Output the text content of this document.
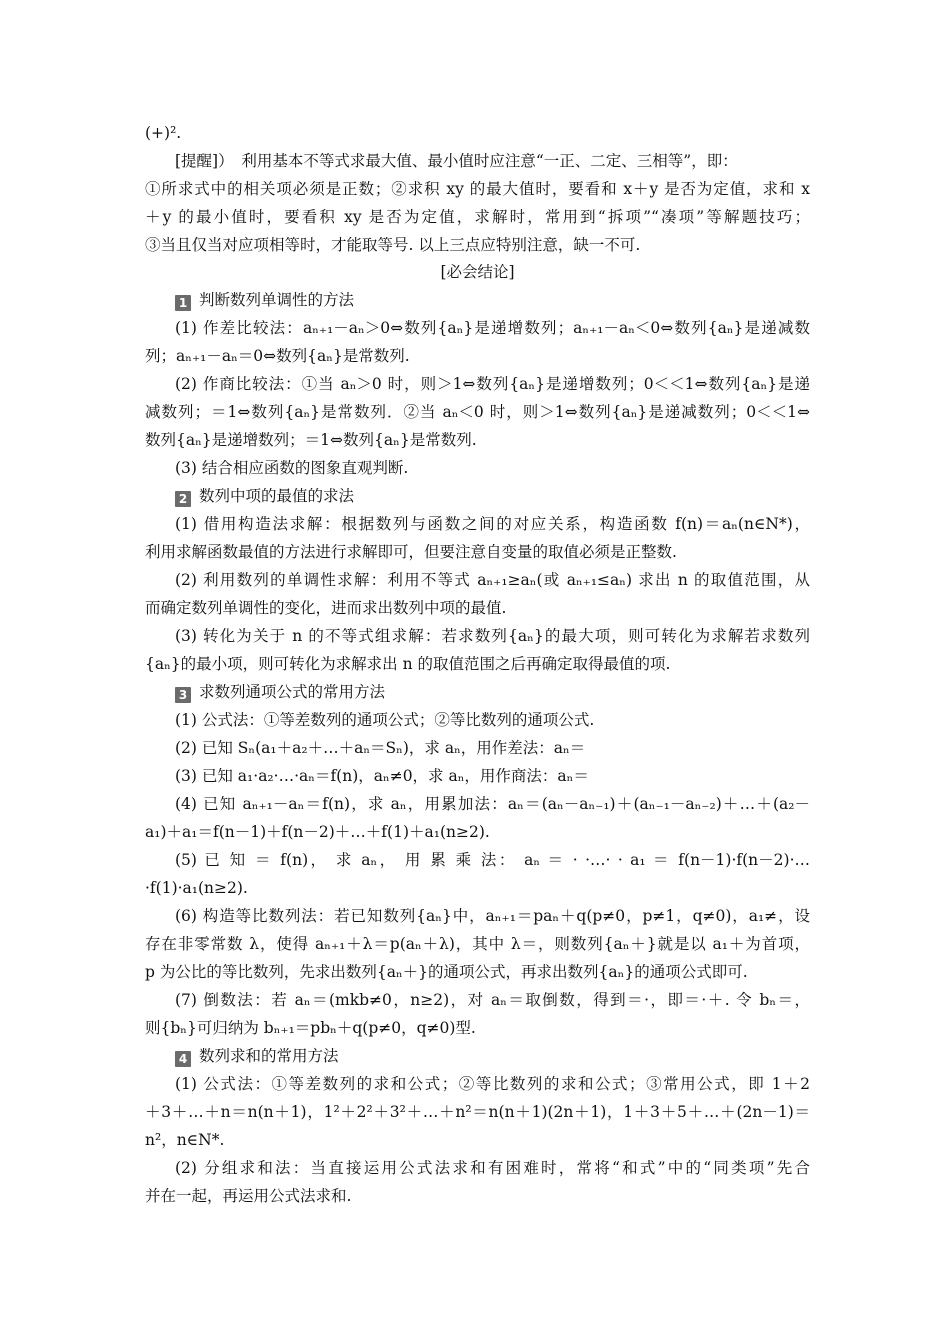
(+)².
[提醒]）　利用基本不等式求最大值、最小值时应注意“一正、二定、三相等”，即：
①所求式中的相关项必须是正数；②求积 xy 的最大值时，要看和 x＋y 是否为定值，求和 x
＋y 的最小值时，要看积 xy 是否为定值，求解时，常用到“拆项”“凑项”等解题技巧；
③当且仅当对应项相等时，才能取等号. 以上三点应特别注意，缺一不可.
[必会结论]
1 判断数列单调性的方法
(1) 作差比较法：aₙ₊₁－aₙ＞0⇔数列{aₙ}是递增数列；aₙ₊₁－aₙ＜0⇔数列{aₙ}是递减数
列；aₙ₊₁－aₙ＝0⇔数列{aₙ}是常数列.
(2) 作商比较法：①当 aₙ＞0 时，则＞1⇔数列{aₙ}是递增数列；0＜＜1⇔数列{aₙ}是递
减数列；＝1⇔数列{aₙ}是常数列．②当 aₙ＜0 时，则＞1⇔数列{aₙ}是递减数列；0＜＜1⇔
数列{aₙ}是递增数列；＝1⇔数列{aₙ}是常数列.
(3) 结合相应函数的图象直观判断.
2 数列中项的最值的求法
(1) 借用构造法求解：根据数列与函数之间的对应关系，构造函数 f(n)＝aₙ(n∈N*)，
利用求解函数最值的方法进行求解即可，但要注意自变量的取值必须是正整数.
(2) 利用数列的单调性求解：利用不等式 aₙ₊₁≥aₙ(或 aₙ₊₁≤aₙ) 求出 n 的取值范围，从
而确定数列单调性的变化，进而求出数列中项的最值.
(3) 转化为关于 n 的不等式组求解：若求数列{aₙ}的最大项，则可转化为求解若求数列
{aₙ}的最小项，则可转化为求解求出 n 的取值范围之后再确定取得最值的项.
3 求数列通项公式的常用方法
(1) 公式法：①等差数列的通项公式；②等比数列的通项公式.
(2) 已知 Sₙ(a₁＋a₂＋…＋aₙ＝Sₙ)，求 aₙ，用作差法：aₙ＝
(3) 已知 a₁·a₂·…·aₙ＝f(n)，aₙ≠0，求 aₙ，用作商法：aₙ＝
(4) 已知 aₙ₊₁－aₙ＝f(n)，求 aₙ，用累加法：aₙ＝(aₙ－aₙ₋₁)＋(aₙ₋₁－aₙ₋₂)＋…＋(a₂－
a₁)＋a₁＝f(n－1)＋f(n－2)＋…＋f(1)＋a₁(n≥2).
(5) 已 知 ＝ f(n)， 求 aₙ， 用 累 乘 法： aₙ ＝ · ·…· · a₁ ＝ f(n－1)·f(n－2)·…
·f(1)·a₁(n≥2).
(6) 构造等比数列法：若已知数列{aₙ}中，aₙ₊₁＝paₙ＋q(p≠0，p≠1，q≠0)，a₁≠，设
存在非零常数 λ，使得 aₙ₊₁＋λ＝p(aₙ＋λ)，其中 λ＝，则数列{aₙ＋}就是以 a₁＋为首项，
p 为公比的等比数列，先求出数列{aₙ＋}的通项公式，再求出数列{aₙ}的通项公式即可.
(7) 倒数法：若 aₙ＝(mkb≠0，n≥2)，对 aₙ＝取倒数，得到＝·，即＝·＋. 令 bₙ＝，
则{bₙ}可归纳为 bₙ₊₁＝pbₙ＋q(p≠0，q≠0)型.
4 数列求和的常用方法
(1) 公式法：①等差数列的求和公式；②等比数列的求和公式；③常用公式，即 1＋2
＋3＋…＋n＝n(n＋1)，1²＋2²＋3²＋…＋n²＝n(n＋1)(2n＋1)，1＋3＋5＋…＋(2n－1)＝
n²，n∈N*.
(2) 分组求和法：当直接运用公式法求和有困难时，常将“和式”中的“同类项”先合
并在一起，再运用公式法求和.
